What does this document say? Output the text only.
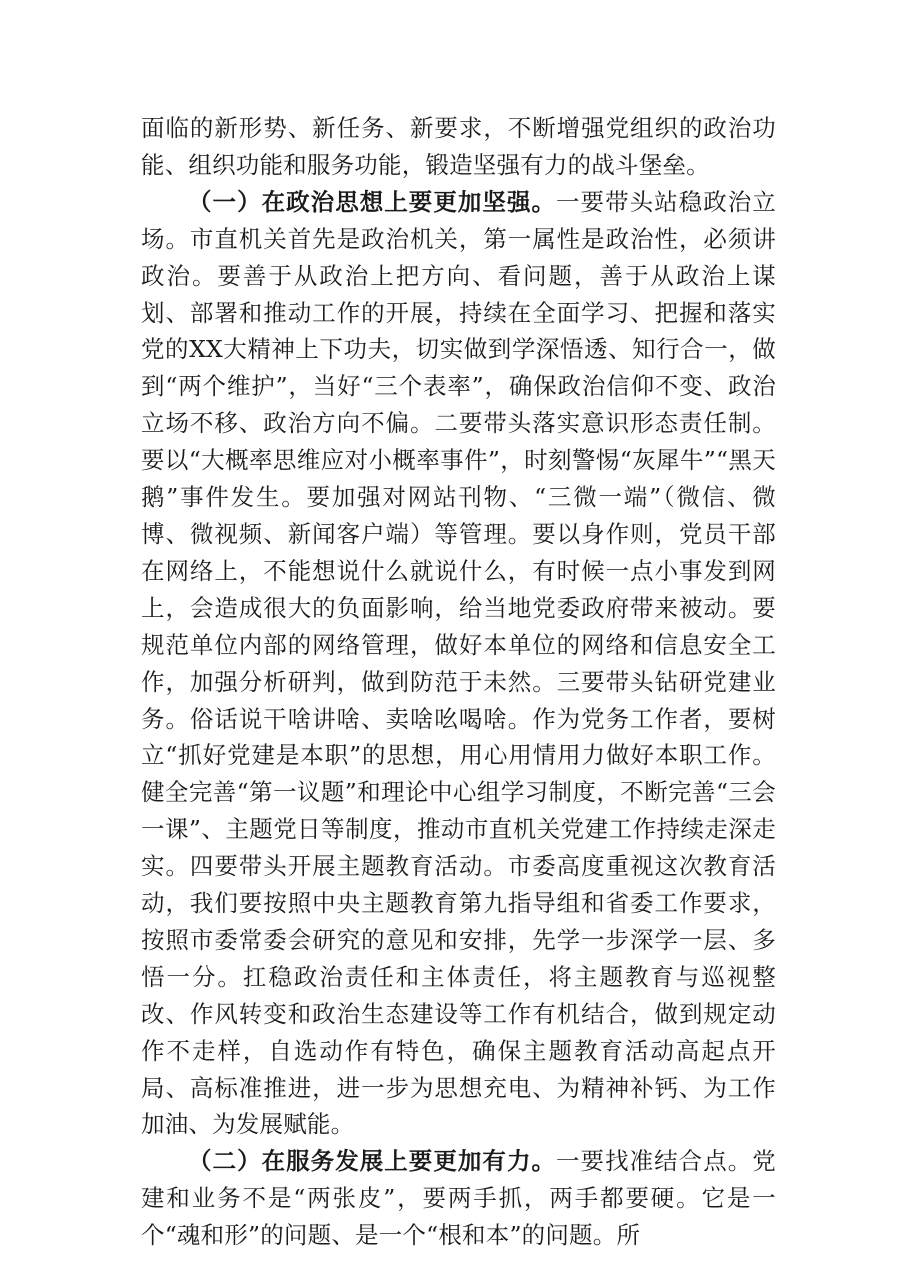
面临的新形势、新任务、新要求，不断增强党组织的政治功能、组织功能和服务功能，锻造坚强有力的战斗堡垒。

（一）在政治思想上要更加坚强。一要带头站稳政治立场。市直机关首先是政治机关，第一属性是政治性，必须讲政治。要善于从政治上把方向、看问题，善于从政治上谋划、部署和推动工作的开展，持续在全面学习、把握和落实党的XX大精神上下功夫，切实做到学深悟透、知行合一，做到“两个维护”，当好“三个表率”，确保政治信仰不变、政治立场不移、政治方向不偏。二要带头落实意识形态责任制。要以“大概率思维应对小概率事件”，时刻警惕“灰犀牛”“黑天鹅”事件发生。要加强对网站刊物、“三微一端”（微信、微博、微视频、新闻客户端）等管理。要以身作则，党员干部在网络上，不能想说什么就说什么，有时候一点小事发到网上，会造成很大的负面影响，给当地党委政府带来被动。要规范单位内部的网络管理，做好本单位的网络和信息安全工作，加强分析研判，做到防范于未然。三要带头钻研党建业务。俗话说干啥讲啥、卖啥吆喝啥。作为党务工作者，要树立“抓好党建是本职”的思想，用心用情用力做好本职工作。健全完善“第一议题”和理论中心组学习制度，不断完善“三会一课”、主题党日等制度，推动市直机关党建工作持续走深走实。四要带头开展主题教育活动。市委高度重视这次教育活动，我们要按照中央主题教育第九指导组和省委工作要求，按照市委常委会研究的意见和安排，先学一步深学一层、多悟一分。扛稳政治责任和主体责任，将主题教育与巡视整改、作风转变和政治生态建设等工作有机结合，做到规定动作不走样，自选动作有特色，确保主题教育活动高起点开局、高标准推进，进一步为思想充电、为精神补钙、为工作加油、为发展赋能。

（二）在服务发展上要更加有力。一要找准结合点。党建和业务不是“两张皮”，要两手抓，两手都要硬。它是一个“魂和形”的问题、是一个“根和本”的问题。所
